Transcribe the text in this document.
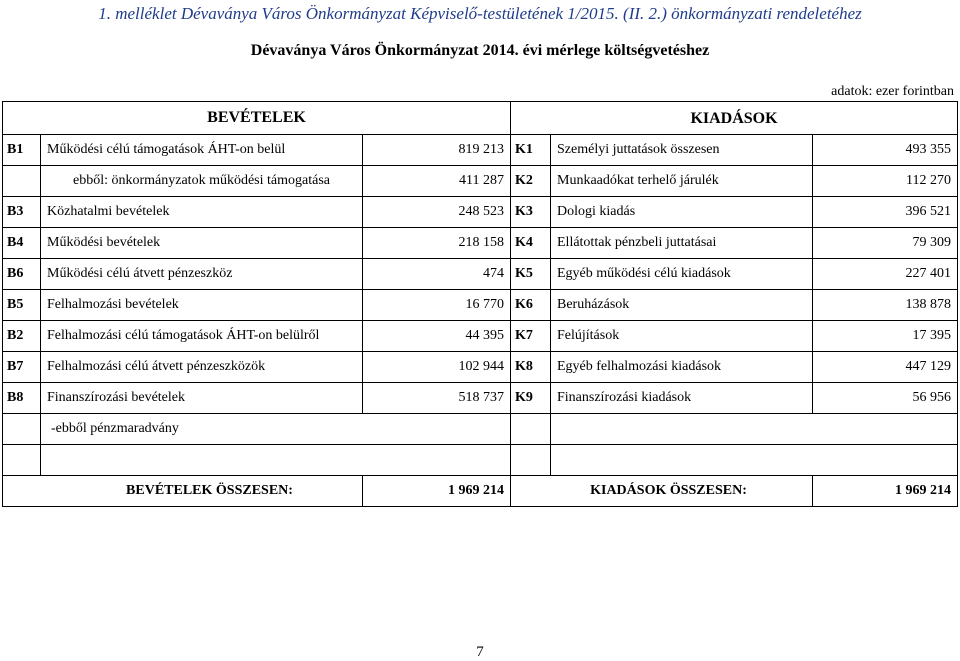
1. melléklet Dévaványa Város Önkormányzat Képviselő-testületének 1/2015. (II. 2.) önkormányzati rendeletéhez
Dévaványa Város Önkormányzat 2014. évi mérlege költségvetéshez
adatok: ezer forintban
BEVÉTELEK			KIADÁSOK		
B1	Működési célú támogatások ÁHT-on belül	819 213	K1	Személyi juttatások összesen	493 355
	ebből: önkormányzatok működési támogatása	411 287	K2	Munkaadókat terhelő járulék	112 270
B3	Közhatalmi bevételek	248 523	K3	Dologi kiadás	396 521
B4	Működési bevételek	218 158	K4	Ellátottak pénzbeli juttatásai	79 309
B6	Működési célú átvett pénzeszköz	474	K5	Egyéb működési célú kiadások	227 401
B5	Felhalmozási bevételek	16 770	K6	Beruházások	138 878
B2	Felhalmozási célú támogatások ÁHT-on belülről	44 395	K7	Felújítások	17 395
B7	Felhalmozási célú átvett pénzeszközök	102 944	K8	Egyéb felhalmozási kiadások	447 129
B8	Finanszírozási bevételek	518 737	K9	Finanszírozási kiadások	56 956
	-ebből pénzmaradvány				

BEVÉTELEK ÖSSZESEN:		1 969 214	KIADÁSOK ÖSSZESEN:		1 969 214
7
